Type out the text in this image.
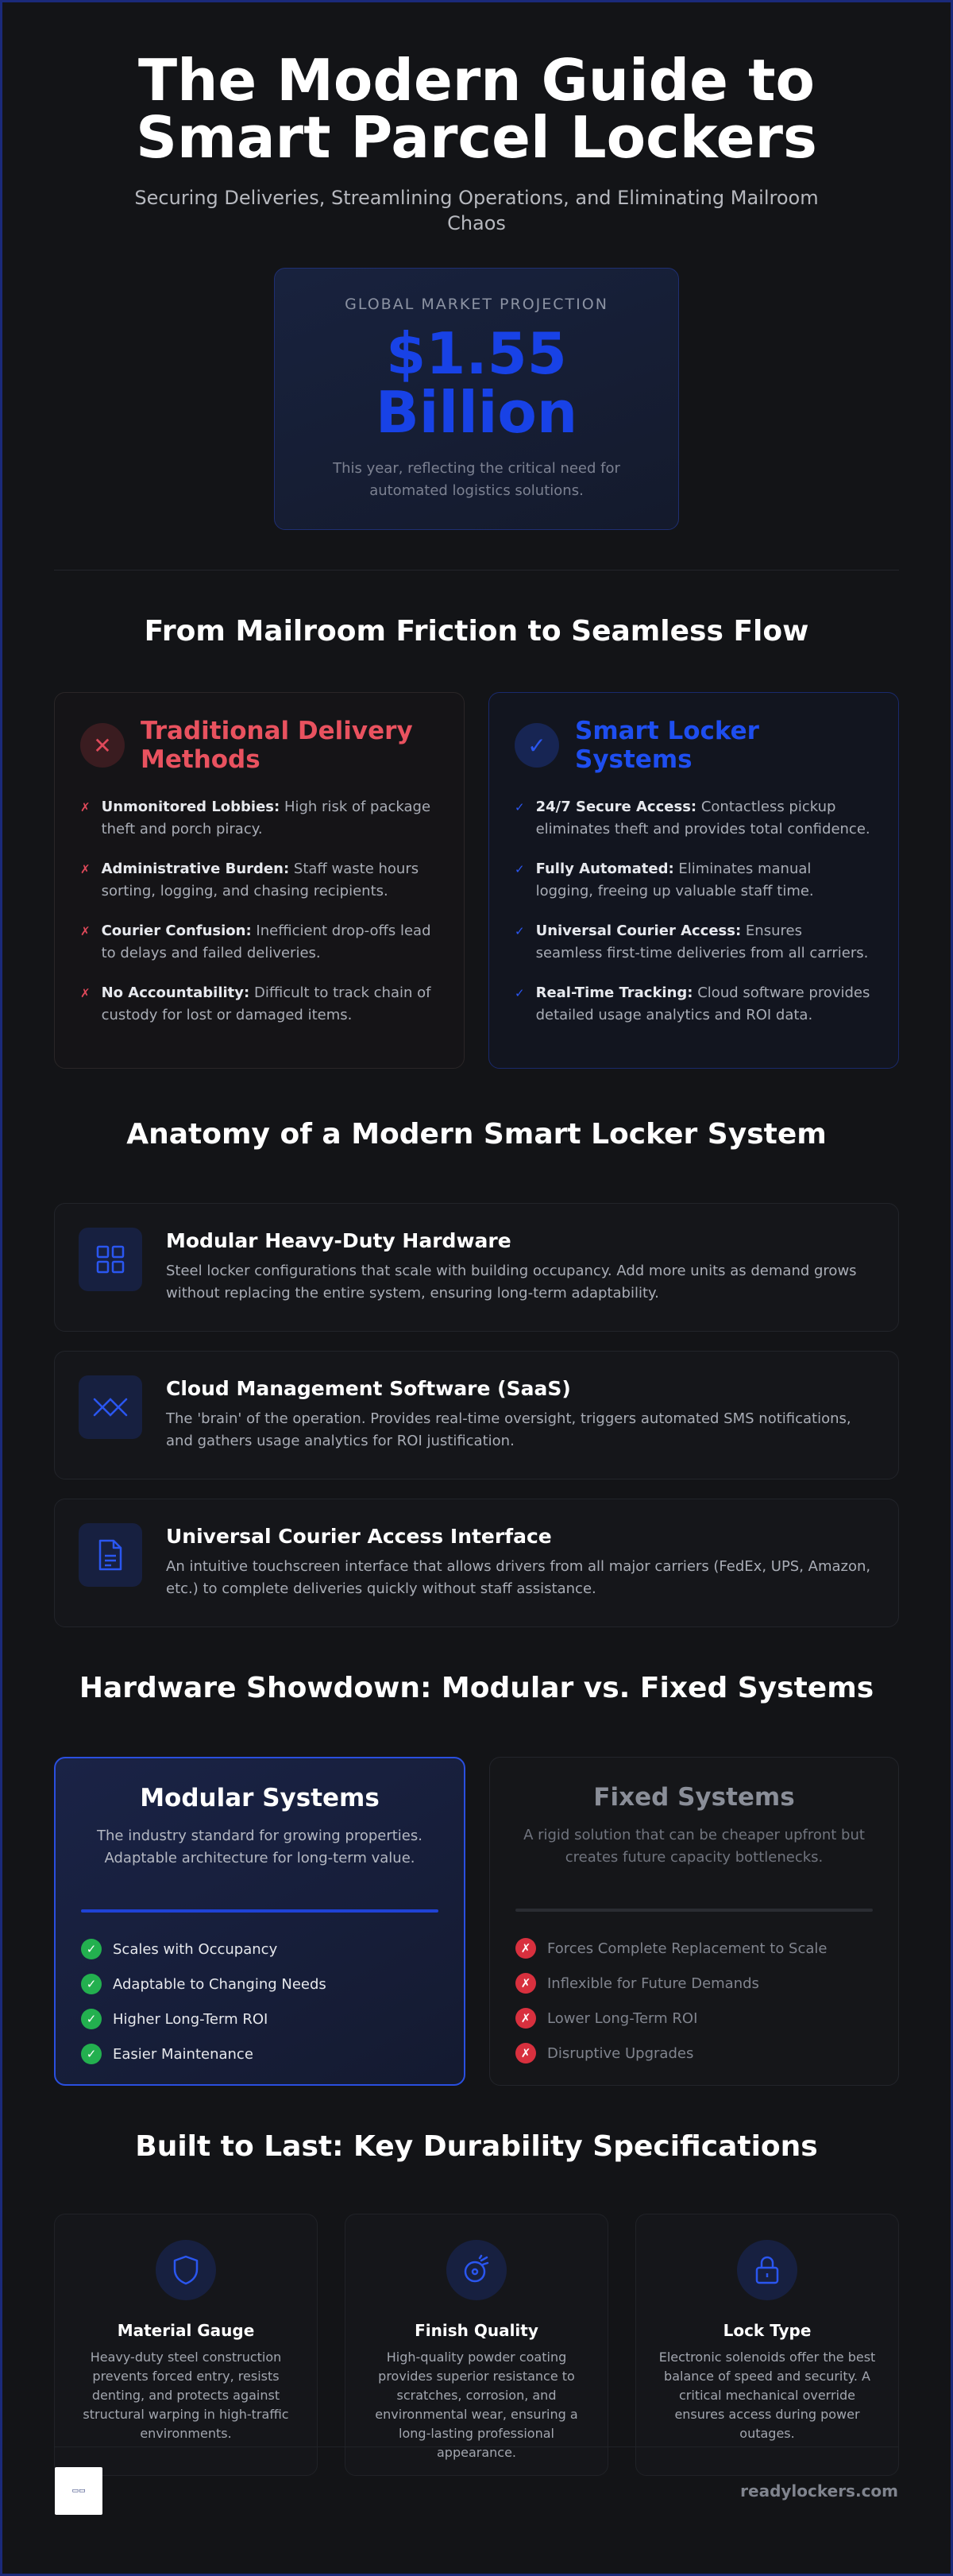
The Modern Guide to Smart Parcel Lockers

Securing Deliveries, Streamlining Operations, and Eliminating Mailroom Chaos

GLOBAL MARKET PROJECTION
$1.55 Billion
This year, reflecting the critical need for automated logistics solutions.
From Mailroom Friction to Seamless Flow
✕	Traditional Delivery Methods
✗ Unmonitored Lobbies: High risk of package theft and porch piracy.
✗ Administrative Burden: Staff waste hours sorting, logging, and chasing recipients.
✗ Courier Confusion: Inefficient drop-offs lead to delays and failed deliveries.
✗ No Accountability: Difficult to track chain of custody for lost or damaged items.
✓	Smart Locker Systems
✓ 24/7 Secure Access: Contactless pickup eliminates theft and provides total confidence.
✓ Fully Automated: Eliminates manual logging, freeing up valuable staff time.
✓ Universal Courier Access: Ensures seamless first-time deliveries from all carriers.
✓ Real-Time Tracking: Cloud software provides detailed usage analytics and ROI data.
Anatomy of a Modern Smart Locker System
Modular Heavy-Duty Hardware
Steel locker configurations that scale with building occupancy. Add more units as demand grows without replacing the entire system, ensuring long-term adaptability.
Cloud Management Software (SaaS)
The 'brain' of the operation. Provides real-time oversight, triggers automated SMS notifications, and gathers usage analytics for ROI justification.
Universal Courier Access Interface
An intuitive touchscreen interface that allows drivers from all major carriers (FedEx, UPS, Amazon, etc.) to complete deliveries quickly without staff assistance.
Hardware Showdown: Modular vs. Fixed Systems
Modular Systems
The industry standard for growing properties. Adaptable architecture for long-term value.
✓	Scales with Occupancy
✓	Adaptable to Changing Needs
✓	Higher Long-Term ROI
✓	Easier Maintenance
Fixed Systems
A rigid solution that can be cheaper upfront but creates future capacity bottlenecks.
✗	Forces Complete Replacement to Scale
✗	Inflexible for Future Demands
✗	Lower Long-Term ROI
✗	Disruptive Upgrades
Built to Last: Key Durability Specifications
Material Gauge
Heavy-duty steel construction prevents forced entry, resists denting, and protects against structural warping in high-traffic environments.
Finish Quality
High-quality powder coating provides superior resistance to scratches, corrosion, and environmental wear, ensuring a long-lasting professional appearance.
Lock Type
Electronic solenoids offer the best balance of speed and security. A critical mechanical override ensures access during power outages.
▭▭	readylockers.com
